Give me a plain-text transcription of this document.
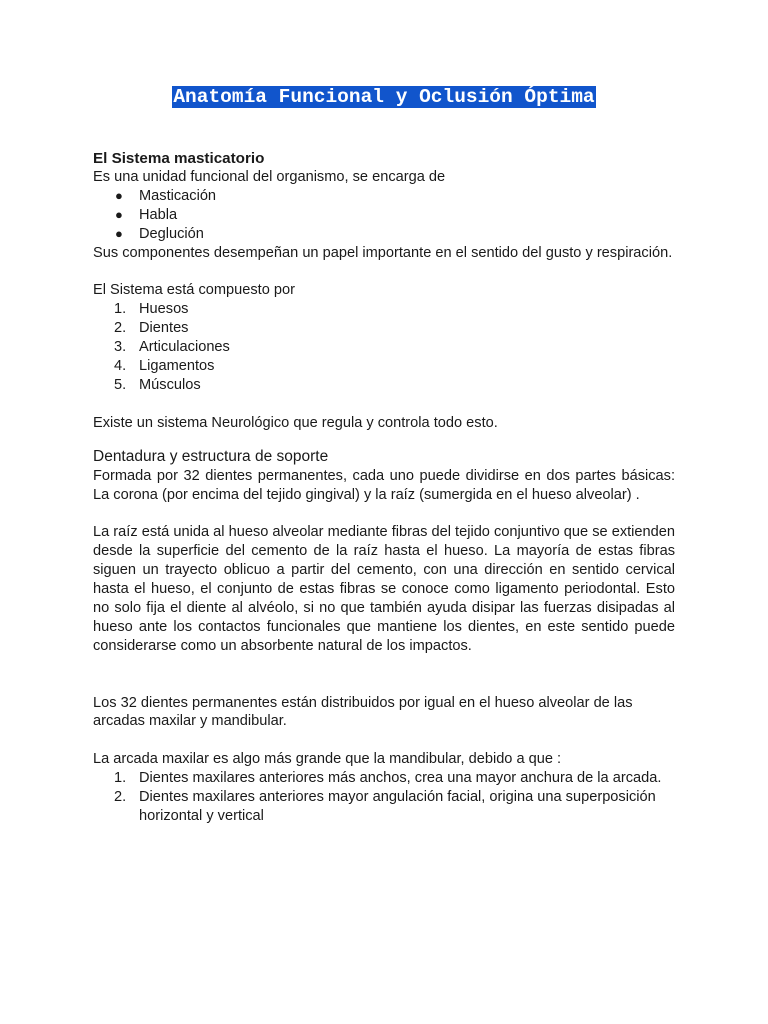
Anatomía Funcional y Oclusión Óptima

El Sistema masticatorio

Es una unidad funcional del organismo, se encarga de

● Masticación
● Habla
● Deglución

Sus componentes desempeñan un papel importante en el sentido del gusto y respiración.

El Sistema está compuesto por

1. Huesos
2. Dientes
3. Articulaciones
4. Ligamentos
5. Músculos

Existe un sistema Neurológico que regula y controla todo esto.

Dentadura y estructura de soporte

Formada por 32 dientes permanentes, cada uno puede dividirse en dos partes básicas: La corona (por encima del tejido gingival) y la raíz (sumergida en el hueso alveolar) .

La raíz está unida al hueso alveolar mediante fibras del tejido conjuntivo que se extienden desde la superficie del cemento de la raíz hasta el hueso. La mayoría de estas fibras siguen un trayecto oblicuo a partir del cemento, con una dirección en sentido cervical hasta el hueso, el conjunto de estas fibras se conoce como ligamento periodontal. Esto no solo fija el diente al alvéolo, si no que también ayuda disipar las fuerzas disipadas al hueso ante los contactos funcionales que mantiene los dientes, en este sentido puede considerarse como un absorbente natural de los impactos.

Los 32 dientes permanentes están distribuidos por igual en el hueso alveolar de las arcadas maxilar y mandibular.

La arcada maxilar es algo más grande que la mandibular, debido a que :

1. Dientes maxilares anteriores más anchos, crea una mayor anchura de la arcada.
2. Dientes maxilares anteriores mayor angulación facial, origina una superposición horizontal y vertical
